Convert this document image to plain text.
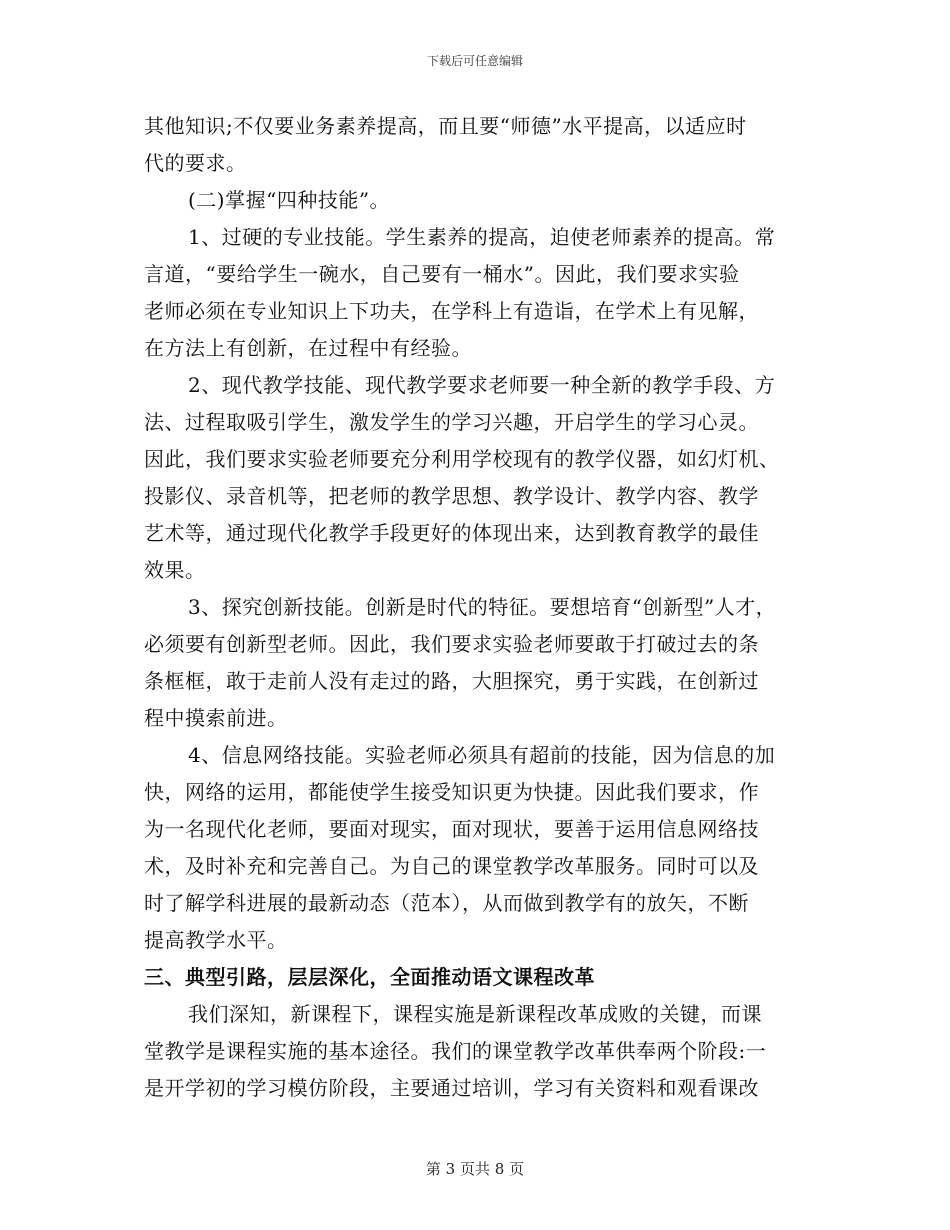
下载后可任意编辑
其他知识;不仅要业务素养提高，而且要“师德”水平提高，以适应时
代的要求。
(二)掌握“四种技能”。
1、过硬的专业技能。学生素养的提高，迫使老师素养的提高。常
言道，“要给学生一碗水，自己要有一桶水”。因此，我们要求实验
老师必须在专业知识上下功夫，在学科上有造诣，在学术上有见解，
在方法上有创新，在过程中有经验。
2、现代教学技能、现代教学要求老师要一种全新的教学手段、方
法、过程取吸引学生，激发学生的学习兴趣，开启学生的学习心灵。
因此，我们要求实验老师要充分利用学校现有的教学仪器，如幻灯机、
投影仪、录音机等，把老师的教学思想、教学设计、教学内容、教学
艺术等，通过现代化教学手段更好的体现出来，达到教育教学的最佳
效果。
3、探究创新技能。创新是时代的特征。要想培育“创新型”人才，
必须要有创新型老师。因此，我们要求实验老师要敢于打破过去的条
条框框，敢于走前人没有走过的路，大胆探究，勇于实践，在创新过
程中摸索前进。
4、信息网络技能。实验老师必须具有超前的技能，因为信息的加
快，网络的运用，都能使学生接受知识更为快捷。因此我们要求，作
为一名现代化老师，要面对现实，面对现状，要善于运用信息网络技
术，及时补充和完善自己。为自己的课堂教学改革服务。同时可以及
时了解学科进展的最新动态（范本），从而做到教学有的放矢，不断
提高教学水平。
三、典型引路，层层深化，全面推动语文课程改革
我们深知，新课程下，课程实施是新课程改革成败的关键，而课
堂教学是课程实施的基本途径。我们的课堂教学改革供奉两个阶段:一
是开学初的学习模仿阶段，主要通过培训，学习有关资料和观看课改
第 3 页共 8 页
